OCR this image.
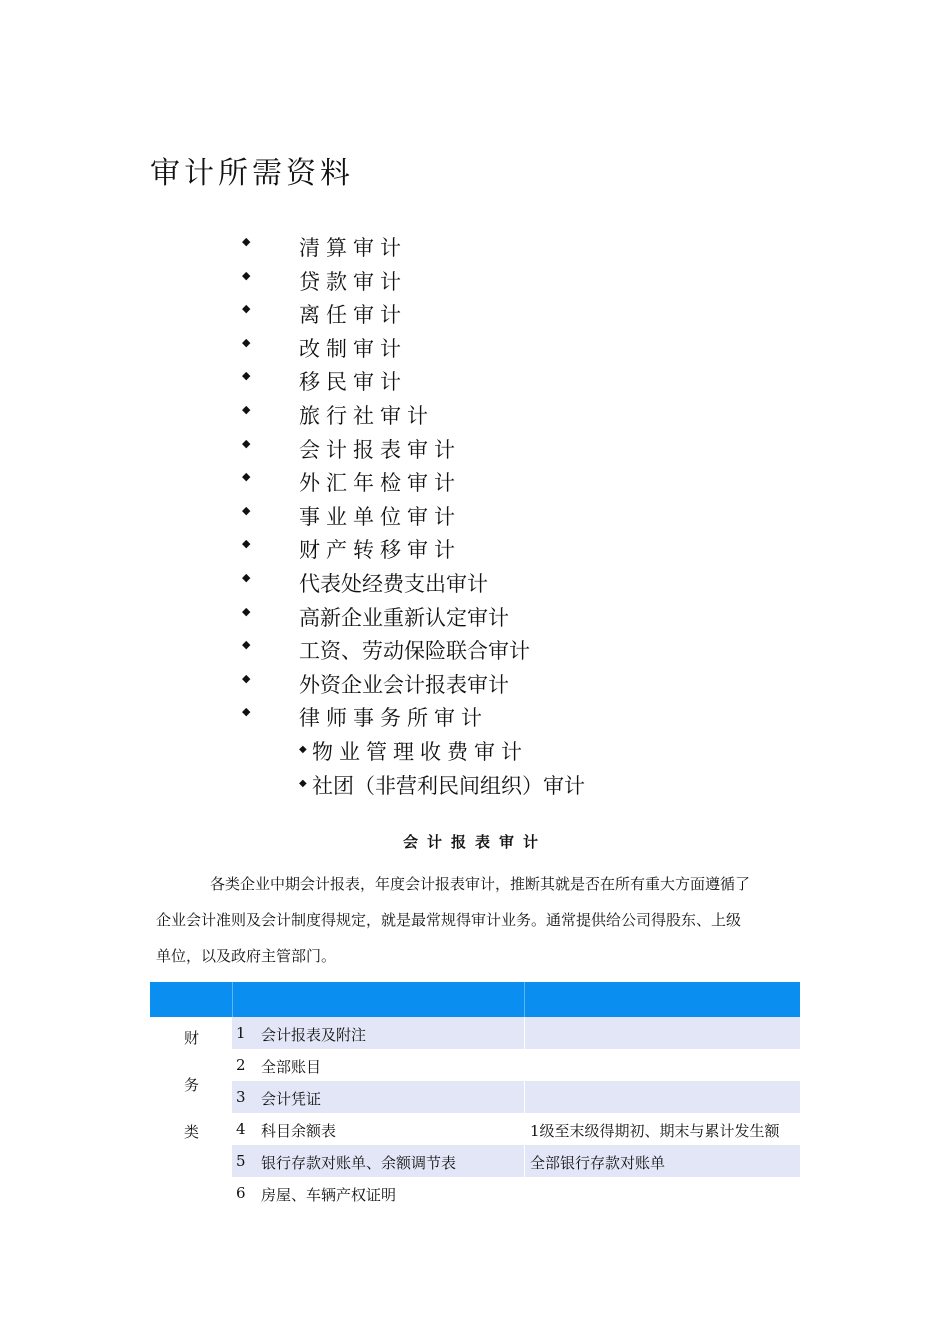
审计所需资料
◆ 清算审计
◆ 贷款审计
◆ 离任审计
◆ 改制审计
◆ 移民审计
◆ 旅行社审计
◆ 会计报表审计
◆ 外汇年检审计
◆ 事业单位审计
◆ 财产转移审计
◆ 代表处经费支出审计
◆ 高新企业重新认定审计
◆ 工资、劳动保险联合审计
◆ 外资企业会计报表审计
◆ 律师事务所审计
◆ 物业管理收费审计
◆ 社团（非营利民间组织）审计
会计报表审计

各类企业中期会计报表，年度会计报表审计，推断其就是否在所有重大方面遵循了
企业会计准则及会计制度得规定，就是最常规得审计业务。通常提供给公司得股东、上级
单位，以及政府主管部门。

财
务
类
1 会计报表及附注
2 全部账目
3 会计凭证
4 科目余额表	1级至末级得期初、期末与累计发生额
5 银行存款对账单、余额调节表	全部银行存款对账单
6 房屋、车辆产权证明
